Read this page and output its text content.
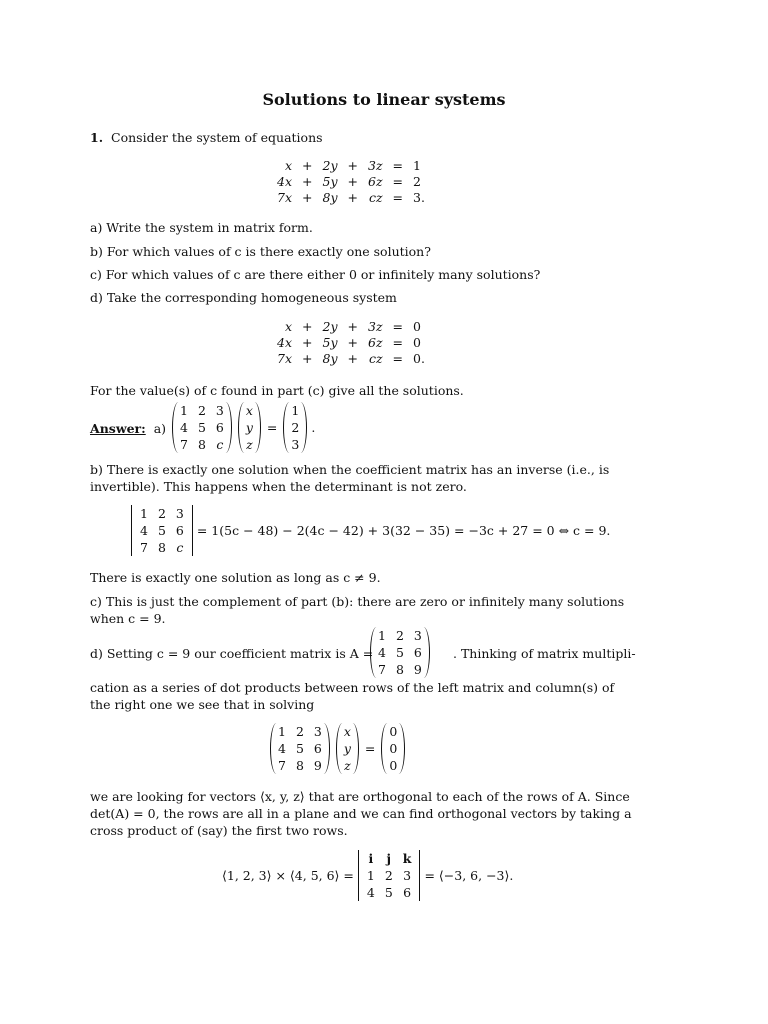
Solutions to linear systems
1. Consider the system of equations
x	+	2y	+	3z	=	1
4x	+	5y	+	6z	=	2
7x	+	8y	+	cz	=	3.
a) Write the system in matrix form.
b) For which values of c is there exactly one solution?
c) For which values of c are there either 0 or infinitely many solutions?
d) Take the corresponding homogeneous system
x	+	2y	+	3z	=	0
4x	+	5y	+	6z	=	0
7x	+	8y	+	cz	=	0.
For the value(s) of c found in part (c) give all the solutions.
Answer: a)
1	2	3
4	5	6
7	8	c
x
y
z
=
1
2
3
.
b) There is exactly one solution when the coefficient matrix has an inverse (i.e., is invertible). This happens when the determinant is not zero.
1	2	3
4	5	6
7	8	c
= 1(5c − 48) − 2(4c − 42) + 3(32 − 35) = −3c + 27 = 0 ⇔ c = 9.
There is exactly one solution as long as c ≠ 9.
c) This is just the complement of part (b): there are zero or infinitely many solutions when c = 9.
d) Setting c = 9 our coefficient matrix is A =
1	2	3
4	5	6
7	8	9
. Thinking of matrix multipli-
cation as a series of dot products between rows of the left matrix and column(s) of the right one we see that in solving
1	2	3
4	5	6
7	8	9
x
y
z
=
0
0
0
we are looking for vectors ⟨x, y, z⟩ that are orthogonal to each of the rows of A. Since det(A) = 0, the rows are all in a plane and we can find orthogonal vectors by taking a cross product of (say) the first two rows.
⟨1, 2, 3⟩ × ⟨4, 5, 6⟩ =
i	j	k
1	2	3
4	5	6
= ⟨−3, 6, −3⟩.
